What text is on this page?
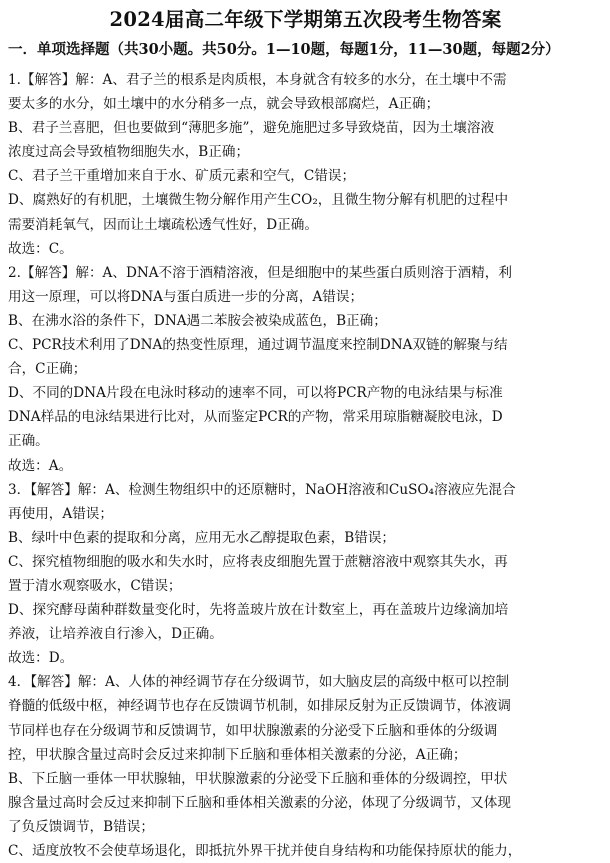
2024届高二年级下学期第五次段考生物答案
一．单项选择题（共30小题。共50分。1—10题，每题1分，11—30题，每题2分）
1.【解答】解：A、君子兰的根系是肉质根，本身就含有较多的水分，在土壤中不需
要太多的水分，如土壤中的水分稍多一点，就会导致根部腐烂，A正确；
B、君子兰喜肥，但也要做到“薄肥多施”，避免施肥过多导致烧苗，因为土壤溶液
浓度过高会导致植物细胞失水，B正确；
C、君子兰干重增加来自于水、矿质元素和空气，C错误；
D、腐熟好的有机肥，土壤微生物分解作用产生CO₂，且微生物分解有机肥的过程中
需要消耗氧气，因而让土壤疏松透气性好，D正确。
故选：C。
2.【解答】解：A、DNA不溶于酒精溶液，但是细胞中的某些蛋白质则溶于酒精，利
用这一原理，可以将DNA与蛋白质进一步的分离，A错误；
B、在沸水浴的条件下，DNA遇二苯胺会被染成蓝色，B正确；
C、PCR技术利用了DNA的热变性原理，通过调节温度来控制DNA双链的解聚与结
合，C正确；
D、不同的DNA片段在电泳时移动的速率不同，可以将PCR产物的电泳结果与标准
DNA样品的电泳结果进行比对，从而鉴定PCR的产物，常采用琼脂糖凝胶电泳，D
正确。
故选：A。
3．【解答】解：A、检测生物组织中的还原糖时，NaOH溶液和CuSO₄溶液应先混合
再使用，A错误；
B、绿叶中色素的提取和分离，应用无水乙醇提取色素，B错误；
C、探究植物细胞的吸水和失水时，应将表皮细胞先置于蔗糖溶液中观察其失水，再
置于清水观察吸水，C错误；
D、探究酵母菌种群数量变化时，先将盖玻片放在计数室上，再在盖玻片边缘滴加培
养液，让培养液自行渗入，D正确。
故选：D。
4．【解答】解：A、人体的神经调节存在分级调节，如大脑皮层的高级中枢可以控制
脊髓的低级中枢，神经调节也存在反馈调节机制，如排尿反射为正反馈调节，体液调
节同样也存在分级调节和反馈调节，如甲状腺激素的分泌受下丘脑和垂体的分级调
控，甲状腺含量过高时会反过来抑制下丘脑和垂体相关激素的分泌，A正确；
B、下丘脑一垂体一甲状腺轴，甲状腺激素的分泌受下丘脑和垂体的分级调控，甲状
腺含量过高时会反过来抑制下丘脑和垂体相关激素的分泌，体现了分级调节，又体现
了负反馈调节，B错误；
C、适度放牧不会使草场退化，即抵抗外界干扰并使自身结构和功能保持原状的能力，
